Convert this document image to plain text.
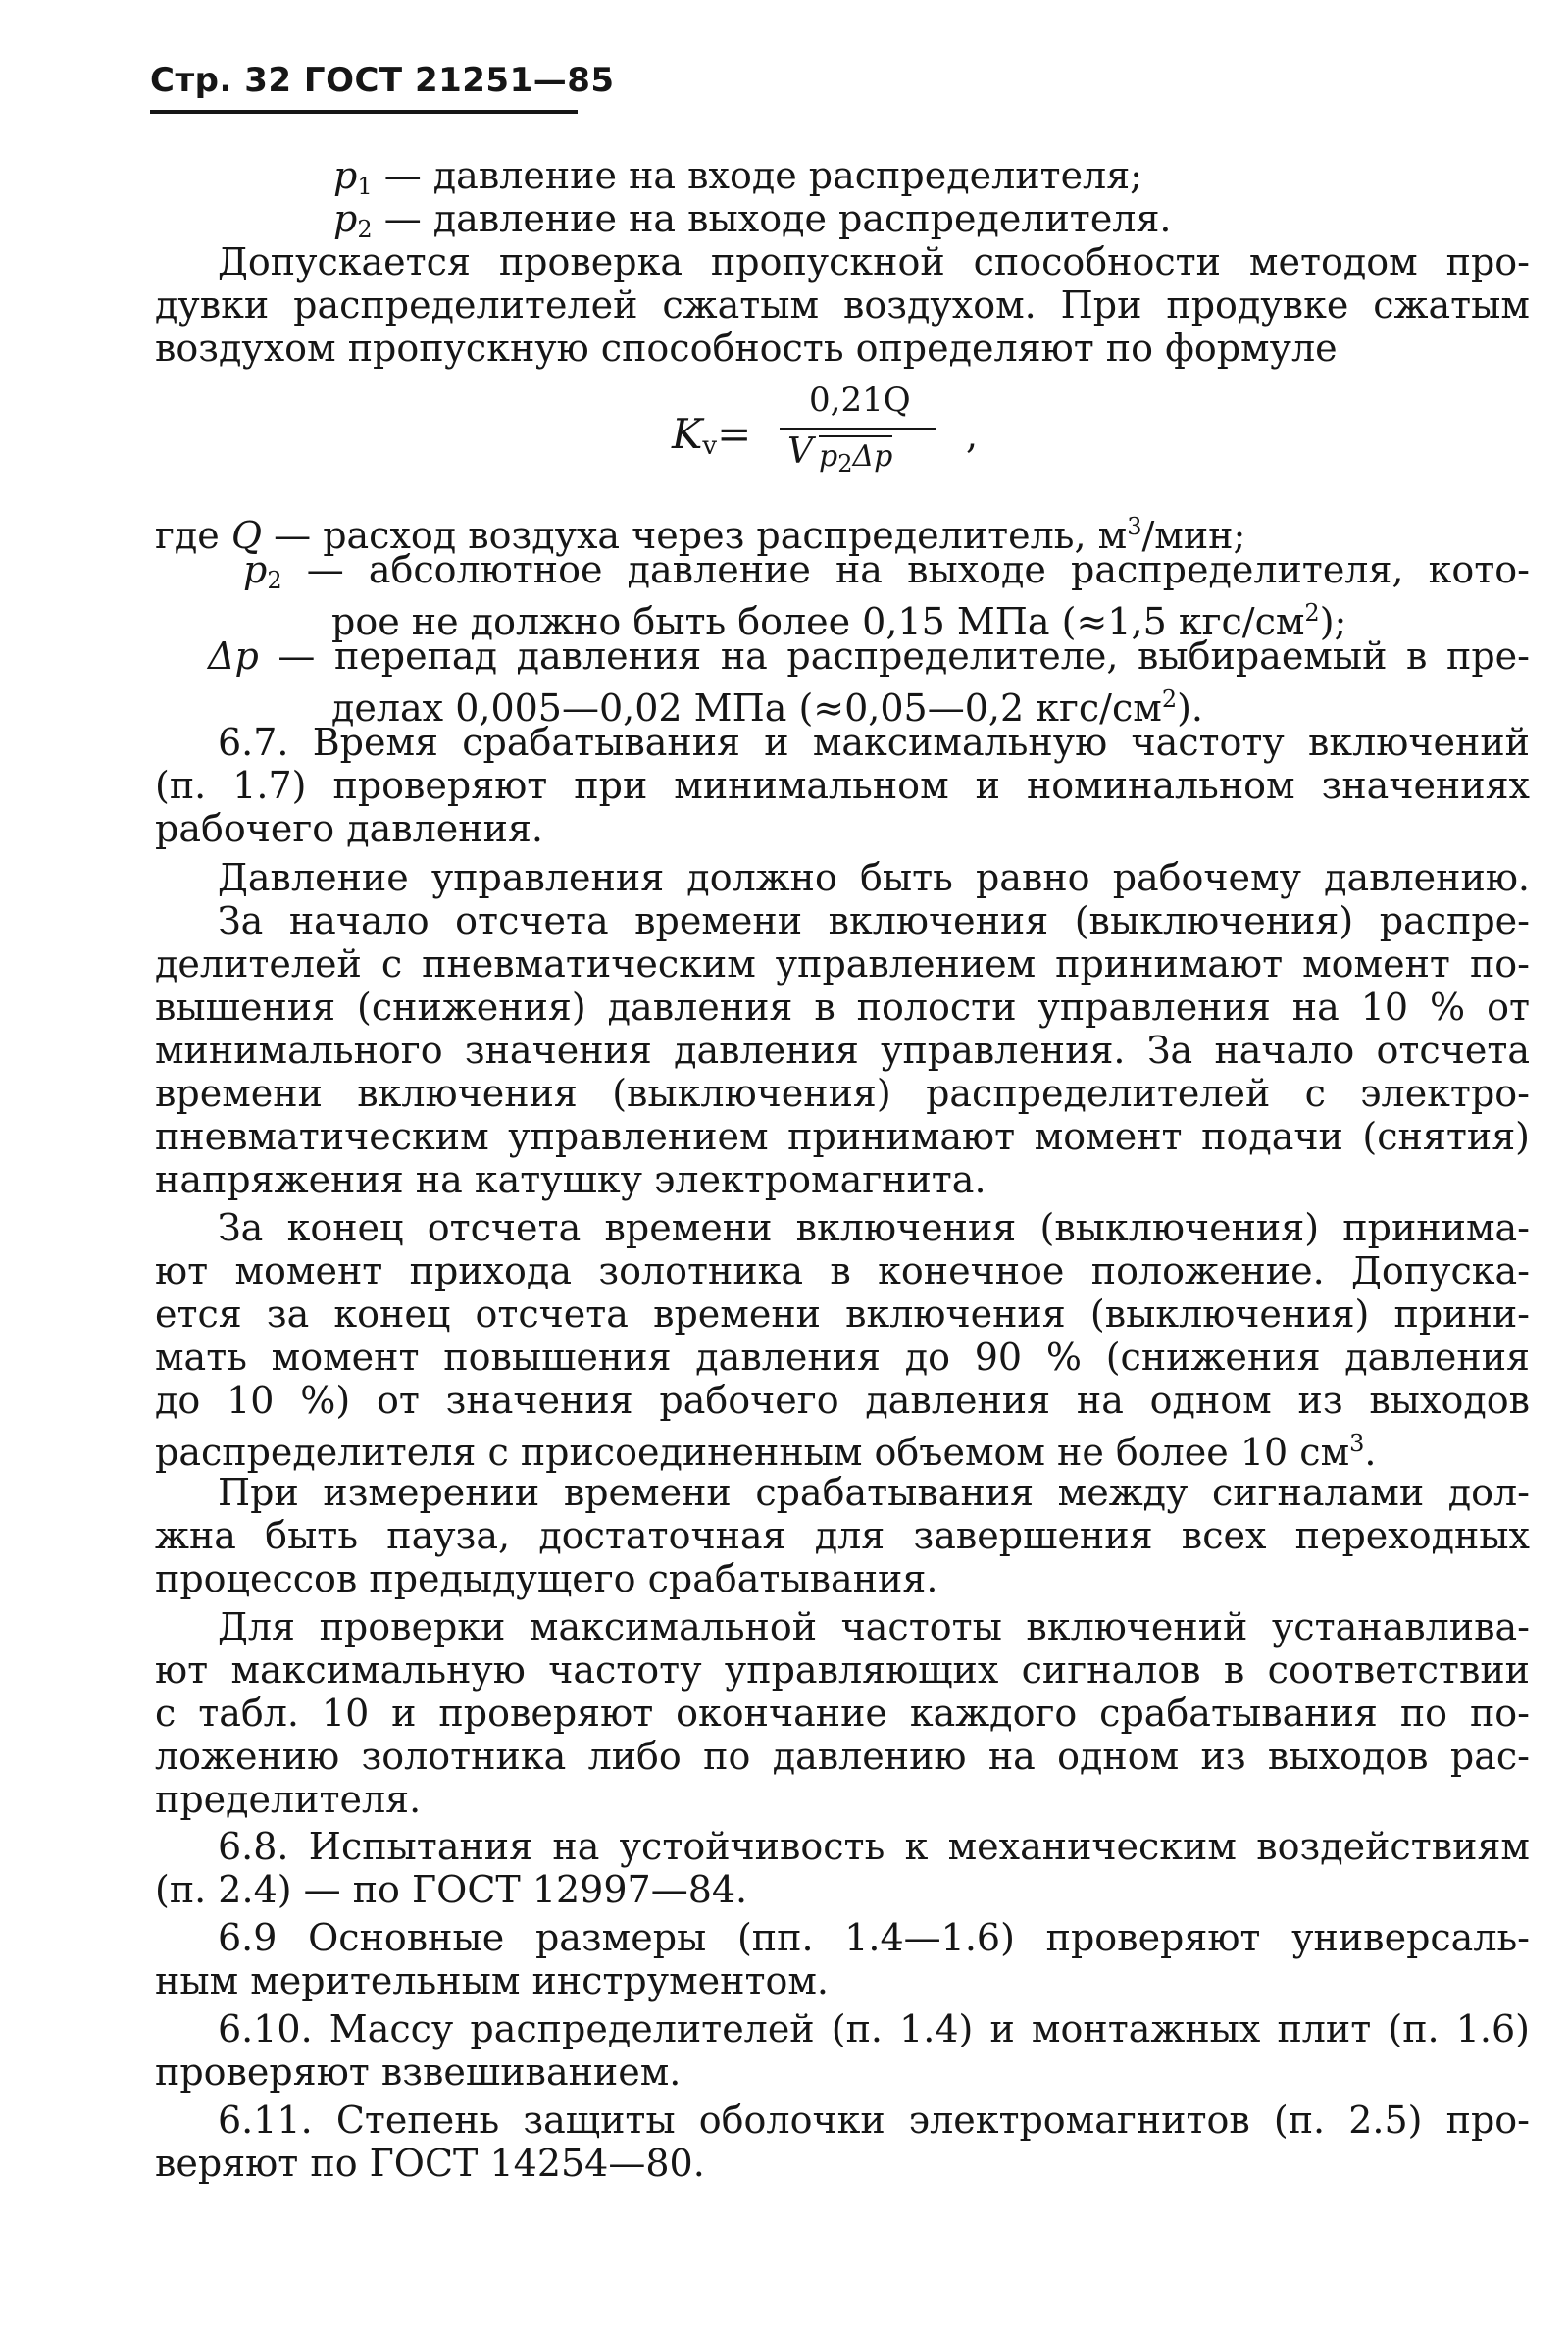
Стр. 32 ГОСТ 21251—85
$p_1$ — давление на входе распределителя;
$p_2$ — давление на выходе распределителя.
Допускается проверка пропускной способности методом про-
дувки распределителей сжатым воздухом. При продувке сжатым
воздухом пропускную способность определяют по формуле
$K_v=$
0,21Q
V $p_2\Delta p$ ,
где Q — расход воздуха через распределитель, $м^3$/мин;
$p_2$ — абсолютное давление на выходе распределителя, кото-
рое не должно быть более 0,15 МПа (≈1,5 кгс/$см^2$);
Δp — перепад давления на распределителе, выбираемый в пре-
делах 0,005—0,02 МПа (≈0,05—0,2 кгс/$см^2$).
6.7. Время срабатывания и максимальную частоту включений
(п. 1.7) проверяют при минимальном и номинальном значениях
рабочего давления.
Давление управления должно быть равно рабочему давлению.
За начало отсчета времени включения (выключения) распре-
делителей с пневматическим управлением принимают момент по-
вышения (снижения) давления в полости управления на 10 % от
минимального значения давления управления. За начало отсчета
времени включения (выключения) распределителей с электро-
пневматическим управлением принимают момент подачи (снятия)
напряжения на катушку электромагнита.
За конец отсчета времени включения (выключения) принима-
ют момент прихода золотника в конечное положение. Допуска-
ется за конец отсчета времени включения (выключения) прини-
мать момент повышения давления до 90 % (снижения давления
до 10 %) от значения рабочего давления на одном из выходов
распределителя с присоединенным объемом не более 10 $см^3$.
При измерении времени срабатывания между сигналами дол-
жна быть пауза, достаточная для завершения всех переходных
процессов предыдущего срабатывания.
Для проверки максимальной частоты включений устанавлива-
ют максимальную частоту управляющих сигналов в соответствии
с табл. 10 и проверяют окончание каждого срабатывания по по-
ложению золотника либо по давлению на одном из выходов рас-
пределителя.
6.8. Испытания на устойчивость к механическим воздействиям
(п. 2.4) — по ГОСТ 12997—84.
6.9 Основные размеры (пп. 1.4—1.6) проверяют универсаль-
ным мерительным инструментом.
6.10. Массу распределителей (п. 1.4) и монтажных плит (п. 1.6)
проверяют взвешиванием.
6.11. Степень защиты оболочки электромагнитов (п. 2.5) про-
веряют по ГОСТ 14254—80.
